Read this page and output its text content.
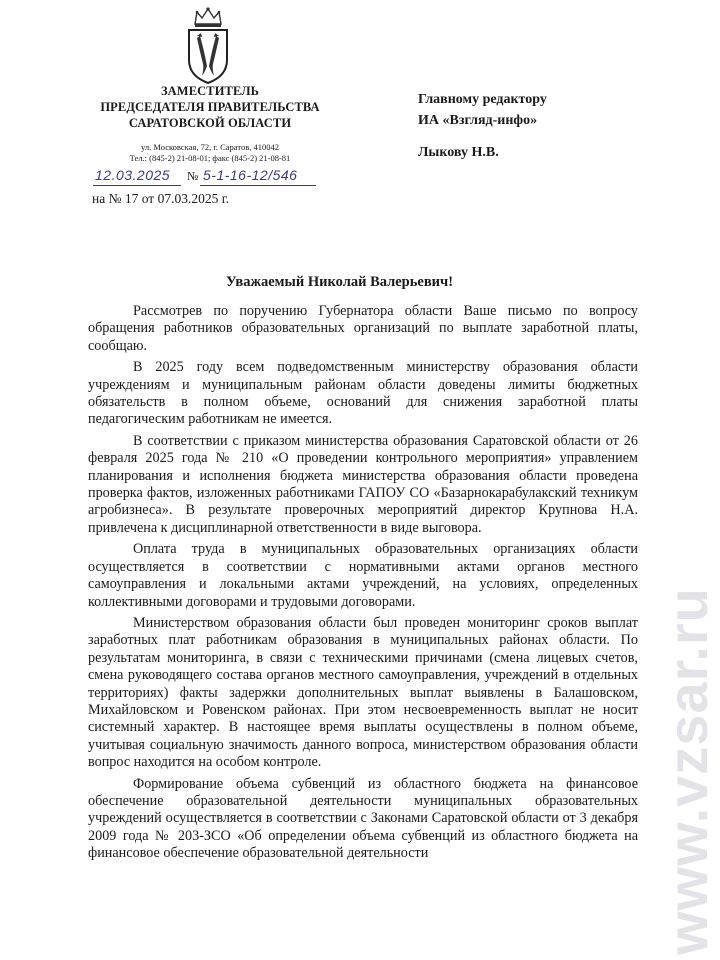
ЗАМЕСТИТЕЛЬ
ПРЕДСЕДАТЕЛЯ ПРАВИТЕЛЬСТВА
САРАТОВСКОЙ ОБЛАСТИ
ул. Московская, 72, г. Саратов, 410042
Тел.: (845-2) 21-08-01; факс (845-2) 21-08-81
12.03.2025 № 5-1-16-12/546
на № 17 от 07.03.2025 г.
Главному редактору
ИА «Взгляд-инфо»
Лыкову Н.В.
Уважаемый Николай Валерьевич!

Рассмотрев по поручению Губернатора области Ваше письмо по вопросу обращения работников образовательных организаций по выплате заработной платы, сообщаю.

В 2025 году всем подведомственным министерству образования области учреждениям и муниципальным районам области доведены лимиты бюджетных обязательств в полном объеме, оснований для снижения заработной платы педагогическим работникам не имеется.

В соответствии с приказом министерства образования Саратовской области от 26 февраля 2025 года № 210 «О проведении контрольного мероприятия» управлением планирования и исполнения бюджета министерства образования области проведена проверка фактов, изложенных работниками ГАПОУ СО «Базарнокарабулакский техникум агробизнеса». В результате проверочных мероприятий директор Крупнова Н.А. привлечена к дисциплинарной ответственности в виде выговора.

Оплата труда в муниципальных образовательных организациях области осуществляется в соответствии с нормативными актами органов местного самоуправления и локальными актами учреждений, на условиях, определенных коллективными договорами и трудовыми договорами.

Министерством образования области был проведен мониторинг сроков выплат заработных плат работникам образования в муниципальных районах области. По результатам мониторинга, в связи с техническими причинами (смена лицевых счетов, смена руководящего состава органов местного самоуправления, учреждений в отдельных территориях) факты задержки дополнительных выплат выявлены в Балашовском, Михайловском и Ровенском районах. При этом несвоевременность выплат не носит системный характер. В настоящее время выплаты осуществлены в полном объеме, учитывая социальную значимость данного вопроса, министерством образования области вопрос находится на особом контроле.

Формирование объема субвенций из областного бюджета на финансовое обеспечение образовательной деятельности муниципальных образовательных учреждений осуществляется в соответствии с Законами Саратовской области от 3 декабря 2009 года № 203-ЗСО «Об определении объема субвенций из областного бюджета на финансовое обеспечение образовательной деятельности	www.vzsar.ru
